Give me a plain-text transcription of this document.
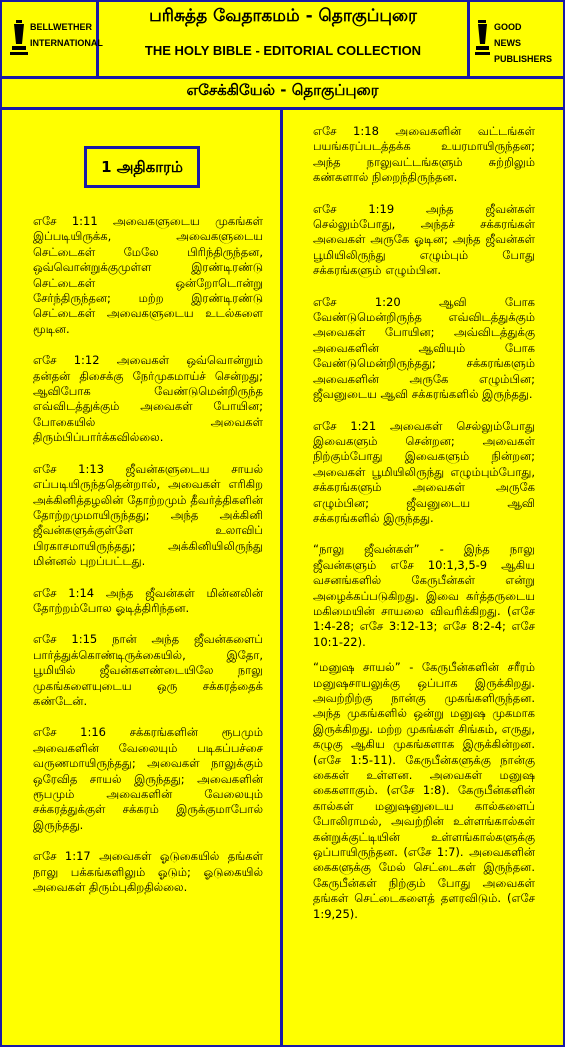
BELLWETHER INTERNATIONAL
GOOD NEWS PUBLISHERS
பரிசுத்த வேதாகமம் - தொகுப்புரை
THE HOLY BIBLE - EDITORIAL COLLECTION
எசேக்கியேல் - தொகுப்புரை
1 அதிகாரம்

எசே 1:11 அவைகளுடைய முகங்கள் இப்படியிருக்க, அவைகளுடைய செட்டைகள் மேலே பிரிந்திருந்தன, ஒவ்வொன்றுக்குமுள்ள இரண்டிரண்டு செட்டைகள் ஒன்றோடொன்று சேர்ந்திருந்தன; மற்ற இரண்டிரண்டு செட்டைகள் அவைகளுடைய உடல்களை மூடின.

எசே 1:12 அவைகள் ஒவ்வொன்றும் தன்தன் திசைக்கு நேர்முகமாய்ச் சென்றது; ஆவிபோக வேண்டுமென்றிருந்த எவ்விடத்துக்கும் அவைகள் போயின; போகையில் அவைகள் திரும்பிப்பார்க்கவில்லை.

எசே 1:13 ஜீவன்களுடைய சாயல் எப்படியிருந்ததென்றால், அவைகள் எரிகிற அக்கினித்தழலின் தோற்றமும் தீவர்த்திகளின் தோற்றமுமாயிருந்தது; அந்த அக்கினி ஜீவன்களுக்குள்ளே உலாவிப் பிரகாசமாயிருந்தது; அக்கினியிலிருந்து மின்னல் புறப்பட்டது.

எசே 1:14 அந்த ஜீவன்கள் மின்னலின் தோற்றம்போல ஓடித்திரிந்தன.

எசே 1:15 நான் அந்த ஜீவன்களைப் பார்த்துக்கொண்டிருக்கையில், இதோ, பூமியில் ஜீவன்களண்டையிலே நாலு முகங்களையுடைய ஒரு சக்கரத்தைக் கண்டேன்.

எசே 1:16 சக்கரங்களின் ரூபமும் அவைகளின் வேலையும் படிகப்பச்சை வருணமாயிருந்தது; அவைகள் நாலுக்கும் ஒரேவித சாயல் இருந்தது; அவைகளின் ரூபமும் அவைகளின் வேலையும் சக்கரத்துக்குள் சக்கரம் இருக்குமாபோல் இருந்தது.

எசே 1:17 அவைகள் ஓடுகையில் தங்கள் நாலு பக்கங்களிலும் ஓடும்; ஓடுகையில் அவைகள் திரும்புகிறதில்லை.

எசே 1:18 அவைகளின் வட்டங்கள் பயங்கரப்படத்தக்க உயரமாயிருந்தன; அந்த நாலுவட்டங்களும் சுற்றிலும் கண்களால் நிறைந்திருந்தன.

எசே 1:19 அந்த ஜீவன்கள் செல்லும்போது, அந்தச் சக்கரங்கள் அவைகள் அருகே ஓடின; அந்த ஜீவன்கள் பூமியிலிருந்து எழும்பும் போது சக்கரங்களும் எழும்பின.

எசே 1:20 ஆவி போக வேண்டுமென்றிருந்த எவ்விடத்துக்கும் அவைகள் போயின; அவ்விடத்துக்கு அவைகளின் ஆவியும் போக வேண்டுமென்றிருந்தது; சக்கரங்களும் அவைகளின் அருகே எழும்பின; ஜீவனுடைய ஆவி சக்கரங்களில் இருந்தது.

எசே 1:21 அவைகள் செல்லும்போது இவைகளும் சென்றன; அவைகள் நிற்கும்போது இவைகளும் நின்றன; அவைகள் பூமியிலிருந்து எழும்பும்போது, சக்கரங்களும் அவைகள் அருகே எழும்பின; ஜீவனுடைய ஆவி சக்கரங்களில் இருந்தது.

“நாலு ஜீவன்கள்” - இந்த நாலு ஜீவன்களும் எசே 10:1,3,5-9 ஆகிய வசனங்களில் கேருபீன்கள் என்று அழைக்கப்படுகிறது. இவை கர்த்தருடைய மகிமையின் சாயலை விவரிக்கிறது. (எசே 1:4-28; எசே 3:12-13; எசே 8:2-4; எசே 10:1-22).

“மனுஷ சாயல்” - கேருபீன்களின் சரீரம் மனுஷசாயலுக்கு ஒப்பாக இருக்கிறது. அவற்றிற்கு நான்கு முகங்களிருந்தன. அந்த முகங்களில் ஒன்று மனுஷ முகமாக இருக்கிறது. மற்ற முகங்கள் சிங்கம், எருது, கழுகு ஆகிய முகங்களாக இருக்கின்றன. (எசே 1:5-11). கேருபீன்களுக்கு நான்கு கைகள் உள்ளன. அவைகள் மனுஷ கைகளாகும். (எசே 1:8). கேருபீன்களின் கால்கள் மனுஷனுடைய கால்களைப் போலிராமல், அவற்றின் உள்ளங்கால்கள் கன்றுக்குட்டியின் உள்ளங்கால்களுக்கு ஒப்பாயிருந்தன. (எசே 1:7). அவைகளின் கைகளுக்கு மேல் செட்டைகள் இருந்தன. கேருபீன்கள் நிற்கும் போது அவைகள் தங்கள் செட்டைகளைத் தளரவிடும். (எசே 1:9,25).
